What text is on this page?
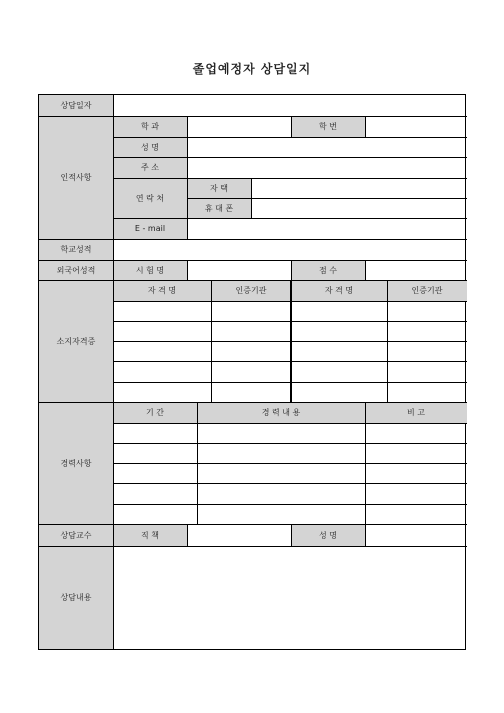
졸업예정자 상담일지
상담일자
인적사항
학 과	학 번
성 명
주 소
연 락 처
자 택
휴 대 폰
E - mail
학교성적
외국어성적	시 험 명	점 수
소지자격증
자 격 명	인증기관	자 격 명	인증기관
경력사항
기 간	경 력 내 용	비 고
상담교수	직 책	성 명
상담내용
